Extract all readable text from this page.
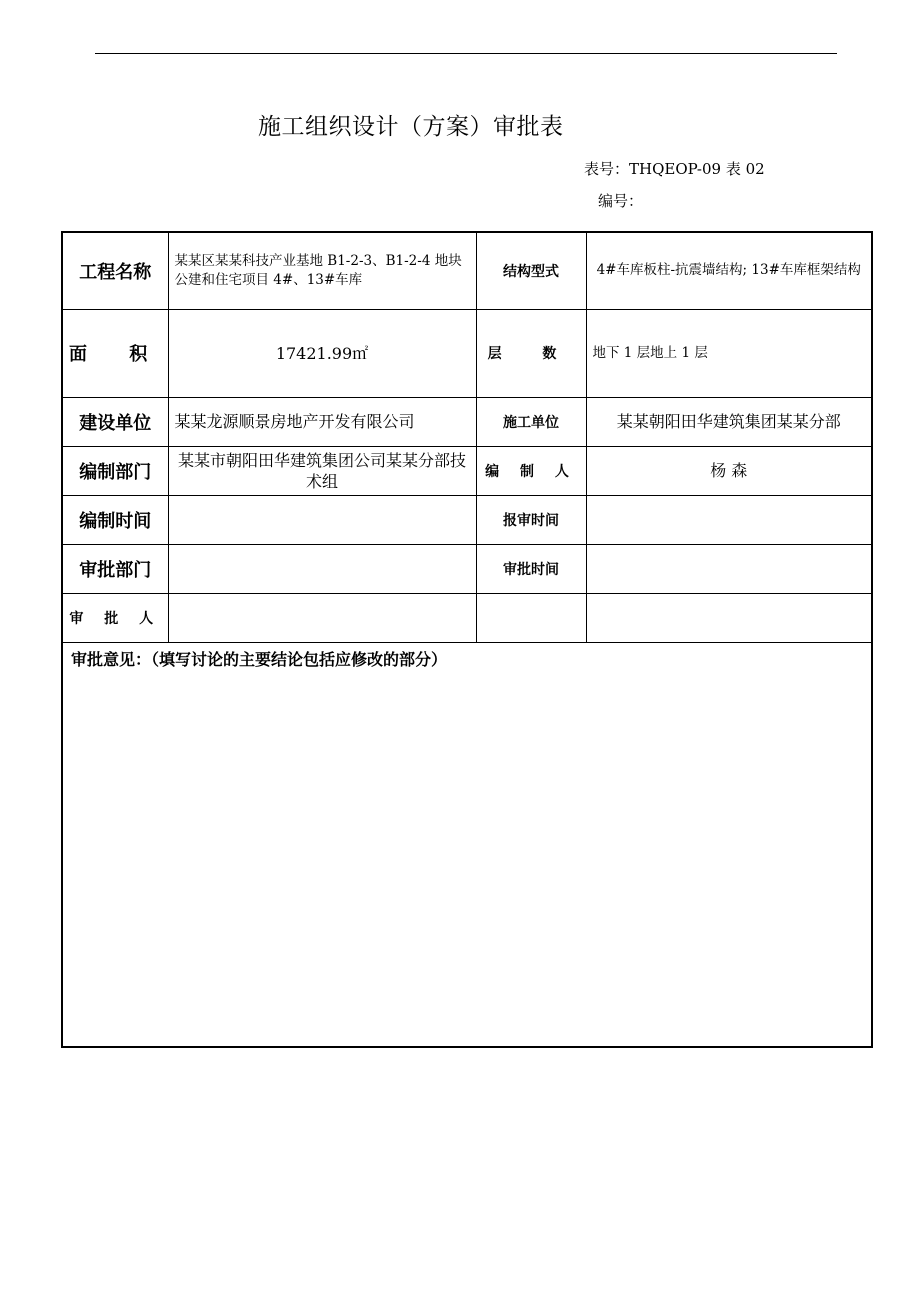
施工组织设计（方案）审批表
表号：THQEOP-09 表 02
编号：
工程名称	某某区某某科技产业基地 B1-2-3、B1-2-4 地块公建和住宅项目 4#、13#车库	结构型式	4#车库板柱-抗震墙结构; 13#车库框架结构
面 积	17421.99㎡	层 数	地下 1 层地上 1 层
建设单位	某某龙源顺景房地产开发有限公司	施工单位	某某朝阳田华建筑集团某某分部
编制部门	某某市朝阳田华建筑集团公司某某分部技术组	编 制 人	杨 森
编制时间		报审时间	
审批部门		审批时间	
审 批 人			
审批意见：（填写讨论的主要结论包括应修改的部分）			
